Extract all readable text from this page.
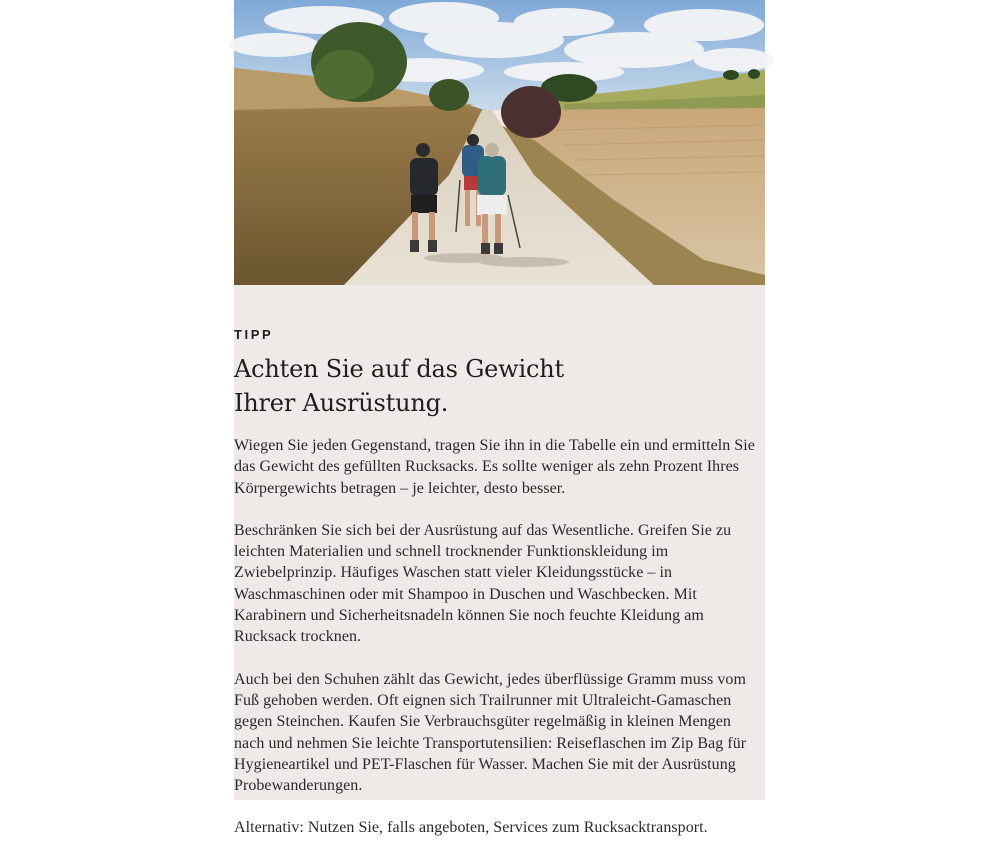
TIPP

Achten Sie auf das Gewicht
Ihrer Ausrüstung.

Wiegen Sie jeden Gegenstand, tragen Sie ihn in die Tabelle ein und ermitteln Sie das Gewicht des gefüllten Rucksacks. Es sollte weniger als zehn Prozent Ihres Körpergewichts betragen – je leichter, desto besser.

Beschränken Sie sich bei der Ausrüstung auf das Wesentliche. Greifen Sie zu leichten Materialien und schnell trocknender Funktionskleidung im Zwiebelprinzip. Häufiges Waschen statt vieler Kleidungsstücke – in Waschmaschinen oder mit Shampoo in Duschen und Waschbecken. Mit Karabinern und Sicherheitsnadeln können Sie noch feuchte Kleidung am Rucksack trocknen.

Auch bei den Schuhen zählt das Gewicht, jedes überflüssige Gramm muss vom Fuß gehoben werden. Oft eignen sich Trailrunner mit Ultraleicht-Gamaschen gegen Steinchen. Kaufen Sie Verbrauchsgüter regelmäßig in kleinen Mengen nach und nehmen Sie leichte Transportutensilien: Reiseflaschen im Zip Bag für Hygieneartikel und PET-Flaschen für Wasser. Machen Sie mit der Ausrüstung Probewanderungen.

Alternativ: Nutzen Sie, falls angeboten, Services zum Rucksacktransport.
